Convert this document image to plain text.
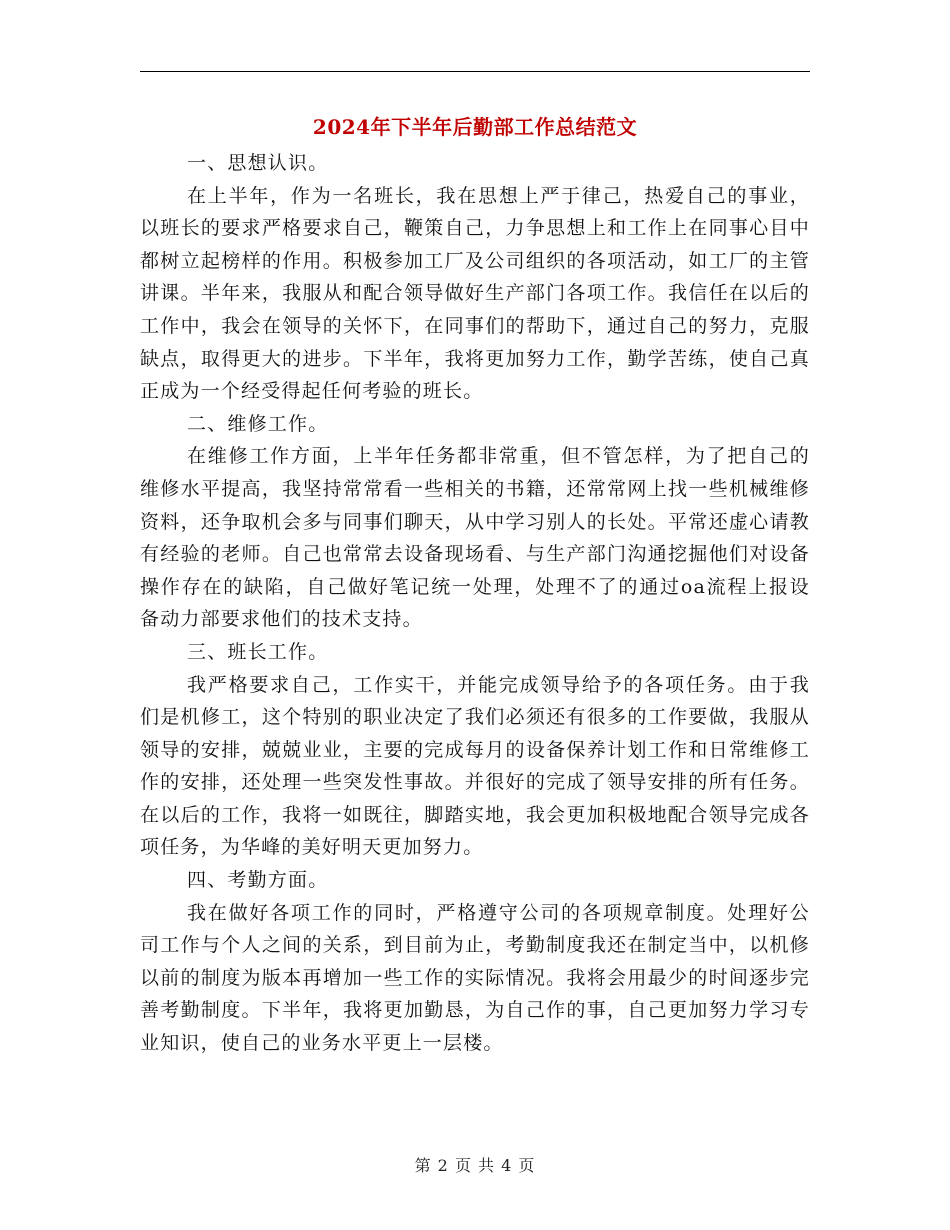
2024年下半年后勤部工作总结范文

一、思想认识。

在上半年，作为一名班长，我在思想上严于律己，热爱自己的事业，以班长的要求严格要求自己，鞭策自己，力争思想上和工作上在同事心目中都树立起榜样的作用。积极参加工厂及公司组织的各项活动，如工厂的主管讲课。半年来，我服从和配合领导做好生产部门各项工作。我信任在以后的工作中，我会在领导的关怀下，在同事们的帮助下，通过自己的努力，克服缺点，取得更大的进步。下半年，我将更加努力工作，勤学苦练，使自己真正成为一个经受得起任何考验的班长。

二、维修工作。

在维修工作方面，上半年任务都非常重，但不管怎样，为了把自己的维修水平提高，我坚持常常看一些相关的书籍，还常常网上找一些机械维修资料，还争取机会多与同事们聊天，从中学习别人的长处。平常还虚心请教有经验的老师。自己也常常去设备现场看、与生产部门沟通挖掘他们对设备操作存在的缺陷，自己做好笔记统一处理，处理不了的通过oa流程上报设备动力部要求他们的技术支持。

三、班长工作。

我严格要求自己，工作实干，并能完成领导给予的各项任务。由于我们是机修工，这个特别的职业决定了我们必须还有很多的工作要做，我服从领导的安排，兢兢业业，主要的完成每月的设备保养计划工作和日常维修工作的安排，还处理一些突发性事故。并很好的完成了领导安排的所有任务。在以后的工作，我将一如既往，脚踏实地，我会更加积极地配合领导完成各项任务，为华峰的美好明天更加努力。

四、考勤方面。

我在做好各项工作的同时，严格遵守公司的各项规章制度。处理好公司工作与个人之间的关系，到目前为止，考勤制度我还在制定当中，以机修以前的制度为版本再增加一些工作的实际情况。我将会用最少的时间逐步完善考勤制度。下半年，我将更加勤恳，为自己作的事，自己更加努力学习专业知识，使自己的业务水平更上一层楼。

第 2 页 共 4 页
